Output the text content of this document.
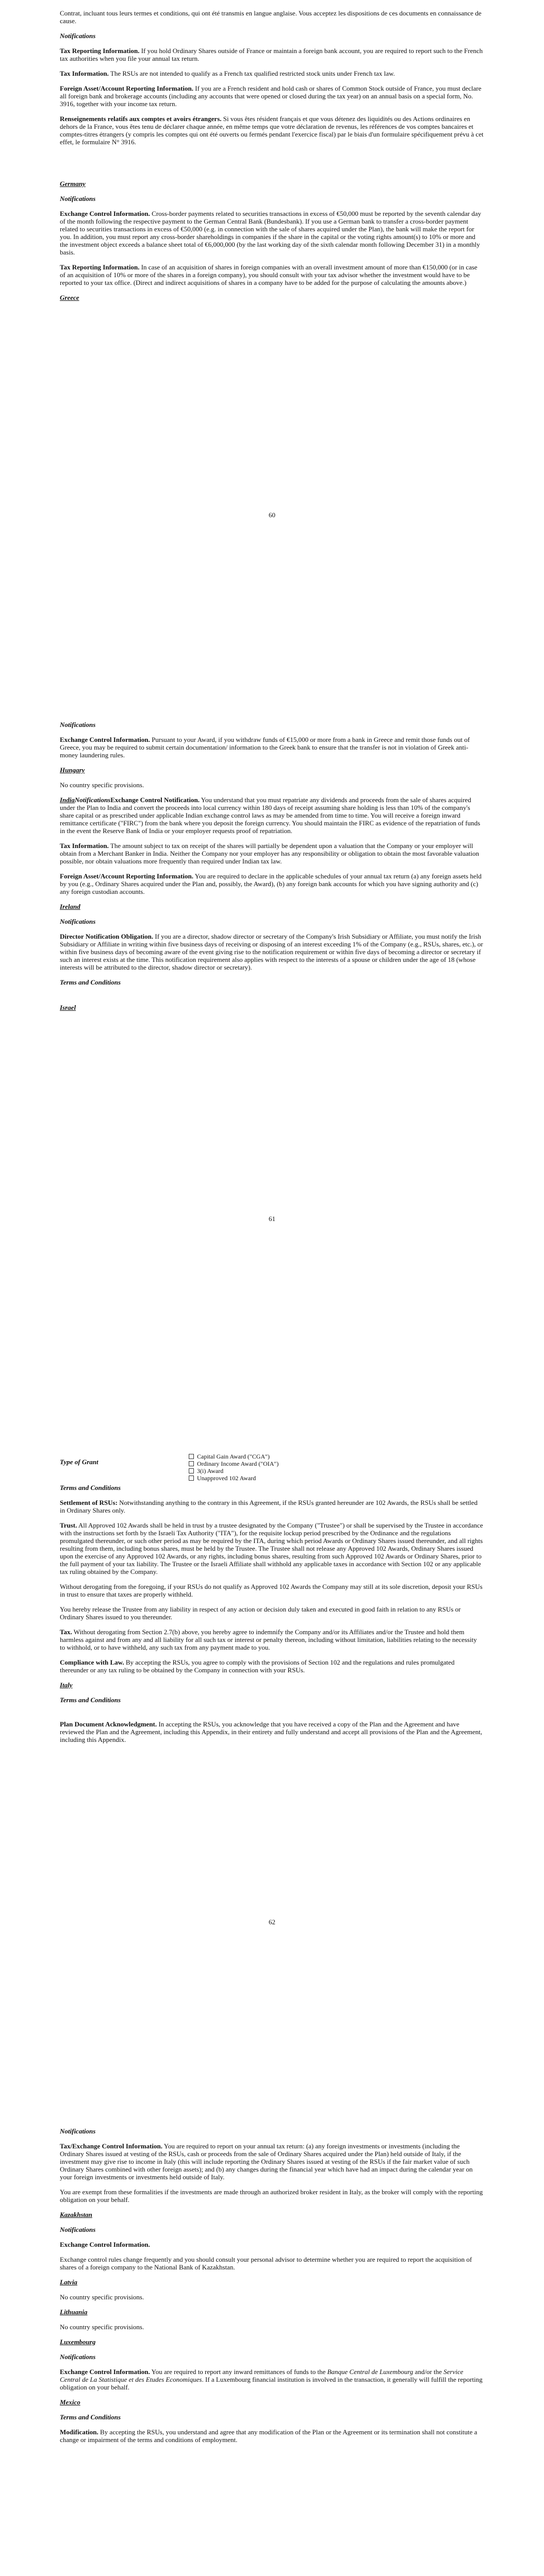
Contrat, incluant tous leurs termes et conditions, qui ont été transmis en langue anglaise. Vous acceptez les dispositions de ces documents en connaissance de cause.

Notifications

Tax Reporting Information. If you hold Ordinary Shares outside of France or maintain a foreign bank account, you are required to report such to the French tax authorities when you file your annual tax return.

Tax Information. The RSUs are not intended to qualify as a French tax qualified restricted stock units under French tax law.

Foreign Asset/Account Reporting Information. If you are a French resident and hold cash or shares of Common Stock outside of France, you must declare all foreign bank and brokerage accounts (including any accounts that were opened or closed during the tax year) on an annual basis on a special form, No. 3916, together with your income tax return.

Renseignements relatifs aux comptes et avoirs étrangers. Si vous êtes résident français et que vous détenez des liquidités ou des Actions ordinaires en dehors de la France, vous êtes tenu de déclarer chaque année, en même temps que votre déclaration de revenus, les références de vos comptes bancaires et comptes-titres étrangers (y compris les comptes qui ont été ouverts ou fermés pendant l'exercice fiscal) par le biais d'un formulaire spécifiquement prévu à cet effet, le formulaire N° 3916.

Germany
Notifications

Exchange Control Information. Cross-border payments related to securities transactions in excess of €50,000 must be reported by the seventh calendar day of the month following the respective payment to the German Central Bank (Bundesbank). If you use a German bank to transfer a cross-border payment related to securities transactions in excess of €50,000 (e.g. in connection with the sale of shares acquired under the Plan), the bank will make the report for you. In addition, you must report any cross-border shareholdings in companies if the share in the capital or the voting rights amount(s) to 10% or more and the investment object exceeds a balance sheet total of €6,000,000 (by the last working day of the sixth calendar month following December 31) in a monthly basis.

Tax Reporting Information. In case of an acquisition of shares in foreign companies with an overall investment amount of more than €150,000 (or in case of an acquisition of 10% or more of the shares in a foreign company), you should consult with your tax advisor whether the investment would have to be reported to your tax office. (Direct and indirect acquisitions of shares in a company have to be added for the purpose of calculating the amounts above.)

Greece
60
Notifications

Exchange Control Information. Pursuant to your Award, if you withdraw funds of €15,000 or more from a bank in Greece and remit those funds out of Greece, you may be required to submit certain documentation/ information to the Greek bank to ensure that the transfer is not in violation of Greek anti-money laundering rules.

Hungary

No country specific provisions.

IndiaNotificationsExchange Control Notification. You understand that you must repatriate any dividends and proceeds from the sale of shares acquired under the Plan to India and convert the proceeds into local currency within 180 days of receipt assuming share holding is less than 10% of the company's share capital or as prescribed under applicable Indian exchange control laws as may be amended from time to time. You will receive a foreign inward remittance certificate ("FIRC") from the bank where you deposit the foreign currency. You should maintain the FIRC as evidence of the repatriation of funds in the event the Reserve Bank of India or your employer requests proof of repatriation.

Tax Information. The amount subject to tax on receipt of the shares will partially be dependent upon a valuation that the Company or your employer will obtain from a Merchant Banker in India. Neither the Company nor your employer has any responsibility or obligation to obtain the most favorable valuation possible, nor obtain valuations more frequently than required under Indian tax law.

Foreign Asset/Account Reporting Information. You are required to declare in the applicable schedules of your annual tax return (a) any foreign assets held by you (e.g., Ordinary Shares acquired under the Plan and, possibly, the Award), (b) any foreign bank accounts for which you have signing authority and (c) any foreign custodian accounts.

Ireland
Notifications

Director Notification Obligation. If you are a director, shadow director or secretary of the Company's Irish Subsidiary or Affiliate, you must notify the Irish Subsidiary or Affiliate in writing within five business days of receiving or disposing of an interest exceeding 1% of the Company (e.g., RSUs, shares, etc.), or within five business days of becoming aware of the event giving rise to the notification requirement or within five days of becoming a director or secretary if such an interest exists at the time. This notification requirement also applies with respect to the interests of a spouse or children under the age of 18 (whose interests will be attributed to the director, shadow director or secretary).

Terms and Conditions
Israel
61
Type of Grant
Capital Gain Award ("CGA")
Ordinary Income Award ("OIA")
3(i) Award
Unapproved 102 Award
Terms and Conditions

Settlement of RSUs: Notwithstanding anything to the contrary in this Agreement, if the RSUs granted hereunder are 102 Awards, the RSUs shall be settled in Ordinary Shares only.

Trust. All Approved 102 Awards shall be held in trust by a trustee designated by the Company ("Trustee") or shall be supervised by the Trustee in accordance with the instructions set forth by the Israeli Tax Authority ("ITA"), for the requisite lockup period prescribed by the Ordinance and the regulations promulgated thereunder, or such other period as may be required by the ITA, during which period Awards or Ordinary Shares issued thereunder, and all rights resulting from them, including bonus shares, must be held by the Trustee. The Trustee shall not release any Approved 102 Awards, Ordinary Shares issued upon the exercise of any Approved 102 Awards, or any rights, including bonus shares, resulting from such Approved 102 Awards or Ordinary Shares, prior to the full payment of your tax liability. The Trustee or the Israeli Affiliate shall withhold any applicable taxes in accordance with Section 102 or any applicable tax ruling obtained by the Company.

Without derogating from the foregoing, if your RSUs do not qualify as Approved 102 Awards the Company may still at its sole discretion, deposit your RSUs in trust to ensure that taxes are properly withheld.

You hereby release the Trustee from any liability in respect of any action or decision duly taken and executed in good faith in relation to any RSUs or Ordinary Shares issued to you thereunder.

Tax. Without derogating from Section 2.7(b) above, you hereby agree to indemnify the Company and/or its Affiliates and/or the Trustee and hold them harmless against and from any and all liability for all such tax or interest or penalty thereon, including without limitation, liabilities relating to the necessity to withhold, or to have withheld, any such tax from any payment made to you.

Compliance with Law. By accepting the RSUs, you agree to comply with the provisions of Section 102 and the regulations and rules promulgated thereunder or any tax ruling to be obtained by the Company in connection with your RSUs.

Italy
Terms and Conditions

Plan Document Acknowledgment. In accepting the RSUs, you acknowledge that you have received a copy of the Plan and the Agreement and have reviewed the Plan and the Agreement, including this Appendix, in their entirety and fully understand and accept all provisions of the Plan and the Agreement, including this Appendix.

62
Notifications

Tax/Exchange Control Information. You are required to report on your annual tax return: (a) any foreign investments or investments (including the Ordinary Shares issued at vesting of the RSUs, cash or proceeds from the sale of Ordinary Shares acquired under the Plan) held outside of Italy, if the investment may give rise to income in Italy (this will include reporting the Ordinary Shares issued at vesting of the RSUs if the fair market value of such Ordinary Shares combined with other foreign assets); and (b) any changes during the financial year which have had an impact during the calendar year on your foreign investments or investments held outside of Italy.

You are exempt from these formalities if the investments are made through an authorized broker resident in Italy, as the broker will comply with the reporting obligation on your behalf.

Kazakhstan
Notifications

Exchange Control Information.

Exchange control rules change frequently and you should consult your personal advisor to determine whether you are required to report the acquisition of shares of a foreign company to the National Bank of Kazakhstan.

Latvia

No country specific provisions.

Lithuania

No country specific provisions.

Luxembourg
Notifications

Exchange Control Information. You are required to report any inward remittances of funds to the Banque Central de Luxembourg and/or the Service Central de La Statistique et des Etudes Economiques. If a Luxembourg financial institution is involved in the transaction, it generally will fulfill the reporting obligation on your behalf.

Mexico
Terms and Conditions

Modification. By accepting the RSUs, you understand and agree that any modification of the Plan or the Agreement or its termination shall not constitute a change or impairment of the terms and conditions of employment.
